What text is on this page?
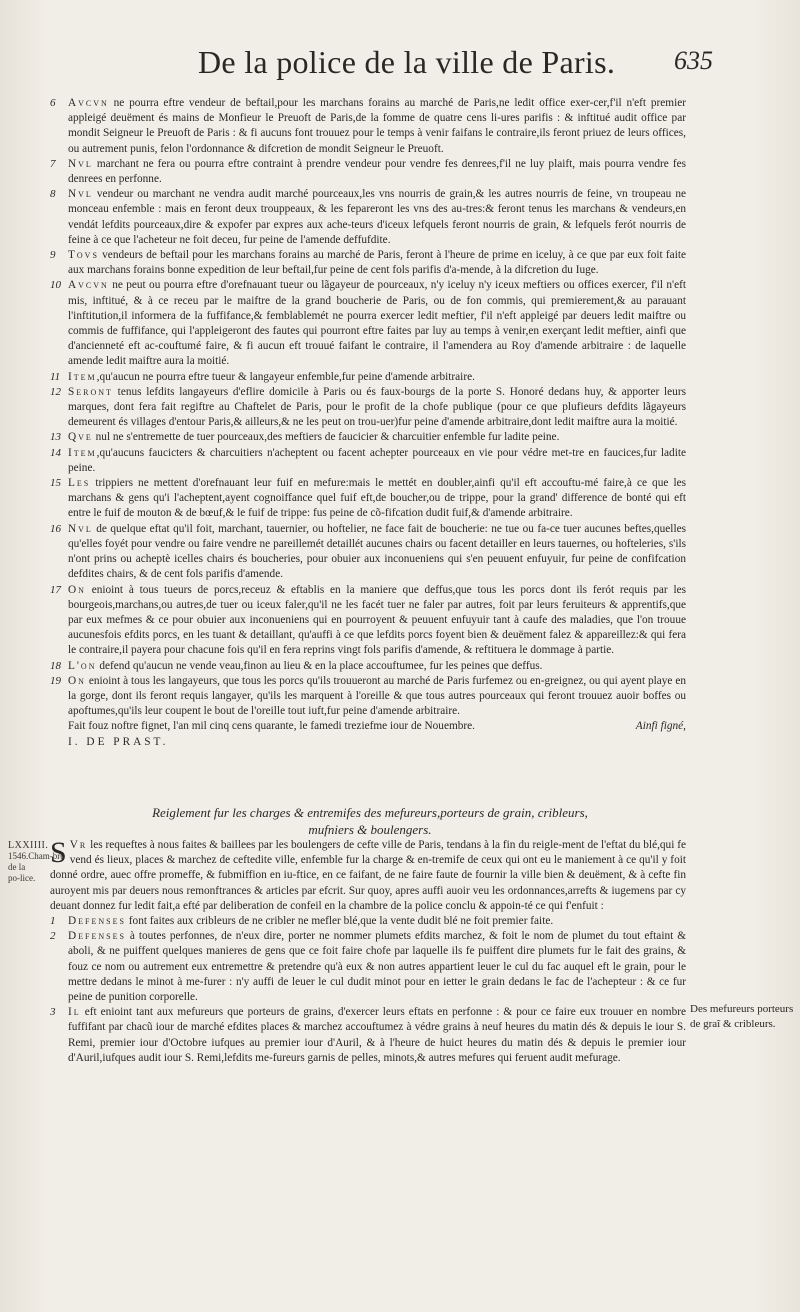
De la police de la ville de Paris. 635

6	Avcvn ne pourra eftre vendeur de beftail,pour les marchans forains au marché de Paris,ne ledit office exer‑cer,f'il n'eft premier appleigé deuëment és mains de Monfieur le Preuoft de Paris,de la fomme de quatre cens li‑ures parifis : & inftitué audit office par mondit Seigneur le Preuoft de Paris : & fi aucuns font trouuez pour le temps à venir faifans le contraire,ils feront priuez de leurs offices, ou autrement punis, felon l'ordonnance & difcretion de mondit Seigneur le Preuoft.

7	Nvl marchant ne fera ou pourra eftre contraint à prendre vendeur pour vendre fes denrees,f'il ne luy plaift, mais pourra vendre fes denrees en perfonne.

8	Nvl vendeur ou marchant ne vendra audit marché pourceaux,les vns nourris de grain,& les autres nourris de feine, vn troupeau ne monceau enfemble : mais en feront deux trouppeaux, & les fepareront les vns des au‑tres:& feront tenus les marchans & vendeurs,en vendát lefdits pourceaux,dire & expofer par expres aux ache‑teurs d'iceux lefquels feront nourris de grain, & lefquels ferót nourris de feine à ce que l'acheteur ne foit deceu, fur peine de l'amende deffufdite.

9	Tovs vendeurs de beftail pour les marchans forains au marché de Paris, feront à l'heure de prime en iceluy, à ce que par eux foit faite aux marchans forains bonne expedition de leur beftail,fur peine de cent fols parifis d'a‑mende, à la difcretion du Iuge.

10 Avcvn ne peut ou pourra eftre d'orefnauant tueur ou lãgayeur de pourceaux, n'y iceluy n'y iceux meftiers ou offices exercer, f'il n'eft mis, inftitué, & à ce receu par le maiftre de la grand boucherie de Paris, ou de fon commis, qui premierement,& au parauant l'inftitution,il informera de la fuffifance,& femblablemét ne pourra exercer ledit meftier, f'il n'eft appleigé par deuers ledit maiftre ou commis de fuffifance, qui l'appleigeront des fautes qui pourront eftre faites par luy au temps à venir,en exerçant ledit meftier, ainfi que d'ancienneté eft ac‑couftumé faire, & fi aucun eft trouué faifant le contraire, il l'amendera au Roy d'amende arbitraire : de laquelle amende ledit maiftre aura la moitié.

11 Item,qu'aucun ne pourra eftre tueur & langayeur enfemble,fur peine d'amende arbitraire.

12 Seront tenus lefdits langayeurs d'eflire domicile à Paris ou és faux-bourgs de la porte S. Honoré dedans huy, & apporter leurs marques, dont fera fait regiftre au Chaftelet de Paris, pour le profit de la chofe publique (pour ce que plufieurs defdits lãgayeurs demeurent és villages d'entour Paris,& ailleurs,& ne les peut on trou‑uer)fur peine d'amende arbitraire,dont ledit maiftre aura la moitié.

13 Qve nul ne s'entremette de tuer pourceaux,des meftiers de faucicier & charcuitier enfemble fur ladite peine.

14 Item,qu'aucuns faucicters & charcuitiers n'acheptent ou facent achepter pourceaux en vie pour védre met‑tre en faucices,fur ladite peine.

15 Les trippiers ne mettent d'orefnauant leur fuif en mefure:mais le mettét en doubler,ainfi qu'il eft accouftu‑mé faire,à ce que les marchans & gens qu'i l'acheptent,ayent cognoiffance quel fuif eft,de boucher,ou de trippe, pour la grand' difference de bonté qui eft entre le fuif de mouton & de bœuf,& le fuif de trippe: fus peine de cõ‑fifcation dudit fuif,& d'amende arbitraire.

16 Nvl de quelque eftat qu'il foit, marchant, tauernier, ou hoftelier, ne face fait de boucherie: ne tue ou fa‑ce tuer aucunes beftes,quelles qu'elles foyét pour vendre ou faire vendre ne pareillemét detaillét aucunes chairs ou facent detailler en leurs tauernes, ou hofteleries, s'ils n'ont prins ou acheptè icelles chairs és boucheries, pour obuier aux inconueniens qui s'en peuuent enfuyuir, fur peine de confifcation defdites chairs, & de cent fols parifis d'amende.

17 On enioint à tous tueurs de porcs,receuz & eftablis en la maniere que deffus,que tous les porcs dont ils ferót requis par les bourgeois,marchans,ou autres,de tuer ou iceux faler,qu'il ne les facét tuer ne faler par autres, foit par leurs feruiteurs & apprentifs,que par eux mefmes & ce pour obuier aux inconueniens qui en pourroyent & peuuent enfuyuir tant à caufe des maladies, que l'on trouue aucunesfois efdits porcs, en les tuant & detaillant, qu'auffi à ce que lefdits porcs foyent bien & deuëment falez & appareillez:& qui fera le contraire,il payera pour chacune fois qu'il en fera reprins vingt fols parifis d'amende, & reftituera le dommage à partie.

18 L'on defend qu'aucun ne vende veau,finon au lieu & en la place accouftumee, fur les peines que deffus.

19 On enioint à tous les langayeurs, que tous les porcs qu'ils trouueront au marché de Paris furfemez ou en‑greignez, ou qui ayent playe en la gorge, dont ils feront requis langayer, qu'ils les marquent à l'oreille & que tous autres pourceaux qui feront trouuez auoir boffes ou apoftumes,qu'ils leur coupent le bout de l'oreille tout iuft,fur peine d'amende arbitraire.

Fait fouz noftre fignet, l'an mil cinq cens quarante, le famedi treziefme iour de Nouembre.	Ainfi figné,

I. DE PRAST.
Reiglement fur les charges & entremifes des mefureurs,porteurs de grain, cribleurs,
mufniers & boulengers.
LXXIIII.
1546.Cham‑bre de la po‑lice.

S Vr les requeftes à nous faites & baillees par les boulengers de cefte ville de Paris, tendans à la fin du reigle‑ment de l'eftat du blé,qui fe vend és lieux, places & marchez de ceftedite ville, enfemble fur la charge & en‑tremife de ceux qui ont eu le maniement à ce qu'il y foit donné ordre, auec offre promeffe, & fubmiffion en iu‑ftice, en ce faifant, de ne faire faute de fournir la ville bien & deuëment, & à cefte fin auroyent mis par deuers nous remonftrances & articles par efcrit. Sur quoy, apres auffi auoir veu les ordonnances,arrefts & iugemens par cy deuant donnez fur ledit fait,a efté par deliberation de confeil en la chambre de la police conclu & appoin‑té ce qui f'enfuit :

1	Defenses font faites aux cribleurs de ne cribler ne mefler blé,que la vente dudit blé ne foit premier faite.

2	Defenses à toutes perfonnes, de n'eux dire, porter ne nommer plumets efdits marchez, & foit le nom de plumet du tout eftaint & aboli, & ne puiffent quelques manieres de gens que ce foit faire chofe par laquelle ils fe puiffent dire plumets fur le fait des grains, & fouz ce nom ou autrement eux entremettre & pretendre qu'à eux & non autres appartient leuer le cul du fac auquel eft le grain, pour le mettre dedans le minot à me‑furer : n'y auffi de leuer le cul dudit minot pour en ietter le grain dedans le fac de l'achepteur : & ce fur peine de punition corporelle.

3	Il eft enioint tant aux mefureurs que porteurs de grains, d'exercer leurs eftats en perfonne : & pour ce faire eux trouuer en nombre fuffifant par chacũ iour de marché efdites places & marchez accouftumez à védre grains à neuf heures du matin dés & depuis le iour S. Remi, premier iour d'Octobre iufques au premier iour d'Auril, & à l'heure de huict heures du matin dés & depuis le premier iour d'Auril,iufques audit iour S. Remi,lefdits me‑fureurs garnis de pelles, minots,& autres mefures qui feruent audit mefurage.

Des mefureurs porteurs de graĩ & cribleurs.
